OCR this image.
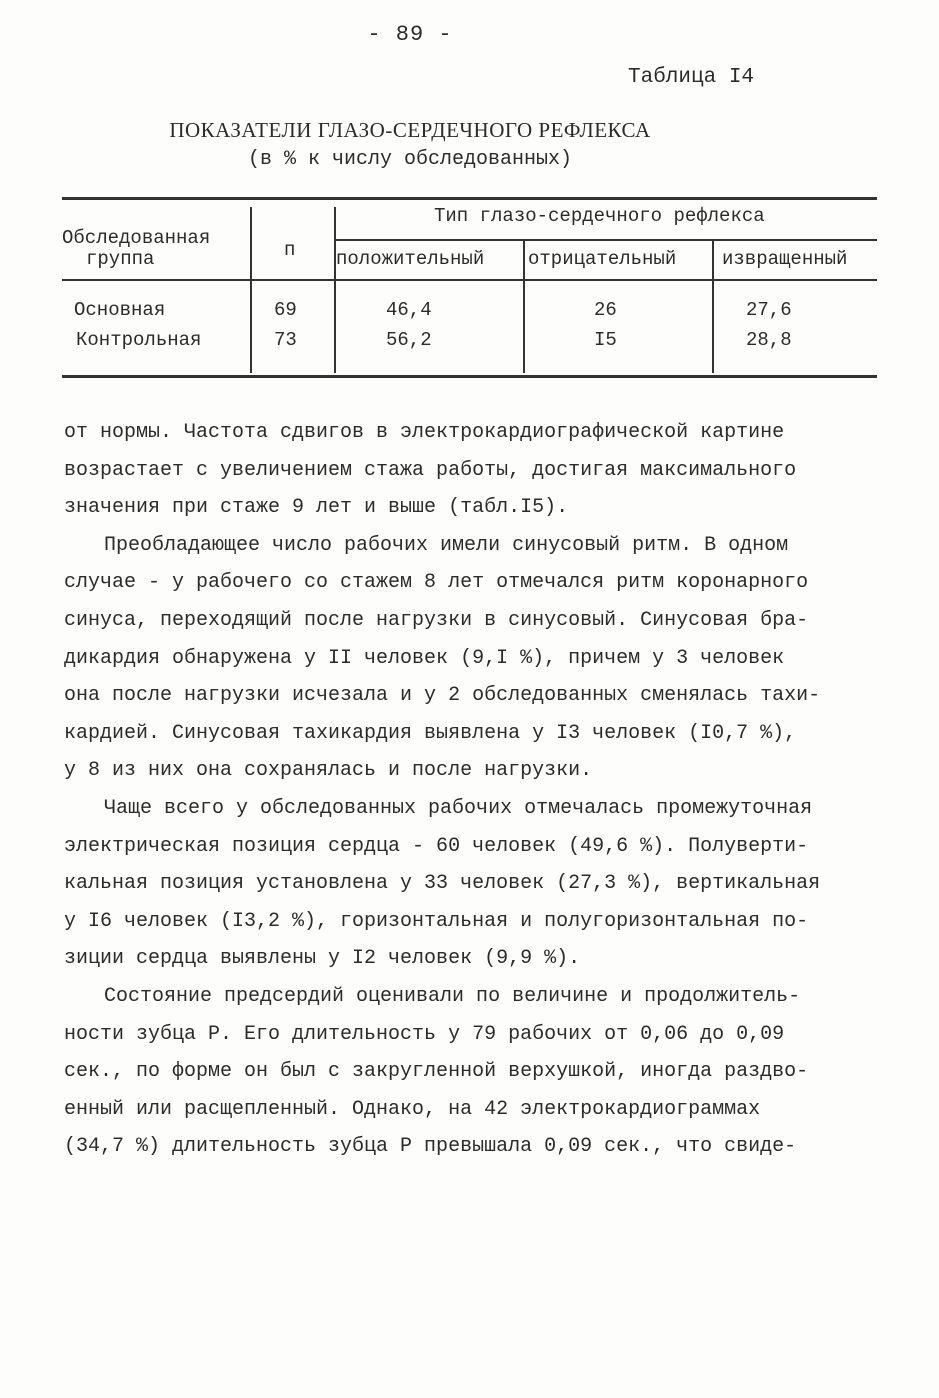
- 89 -
Таблица I4
ПОКАЗАТЕЛИ ГЛАЗО-СЕРДЕЧНОГО РЕФЛЕКСА
(в % к числу обследованных)
Обследованная
группа	п
Тип глазо-сердечного рефлекса
положительный отрицательный извращенный
Основная	69	46,4	26	27,6
Контрольная	73	56,2	I5	28,8

от нормы. Частота сдвигов в электрокардиографической картине
возрастает с увеличением стажа работы, достигая максимального
значения при стаже 9 лет и выше (табл.I5).

Преобладающее число рабочих имели синусовый ритм. В одном
случае - у рабочего со стажем 8 лет отмечался ритм коронарного
синуса, переходящий после нагрузки в синусовый. Синусовая бра-
дикардия обнаружена у II человек (9,I %), причем у 3 человек
она после нагрузки исчезала и у 2 обследованных сменялась тахи-
кардией. Синусовая тахикардия выявлена у I3 человек (I0,7 %),
у 8 из них она сохранялась и после нагрузки.

Чаще всего у обследованных рабочих отмечалась промежуточная
электрическая позиция сердца - 60 человек (49,6 %). Полуверти-
кальная позиция установлена у 33 человек (27,3 %), вертикальная
у I6 человек (I3,2 %), горизонтальная и полугоризонтальная по-
зиции сердца выявлены у I2 человек (9,9 %).

Состояние предсердий оценивали по величине и продолжитель-
ности зубца Р. Его длительность у 79 рабочих от 0,06 до 0,09
сек., по форме он был с закругленной верхушкой, иногда раздво-
енный или расщепленный. Однако, на 42 электрокардиограммах
(34,7 %) длительность зубца Р превышала 0,09 сек., что свиде-
